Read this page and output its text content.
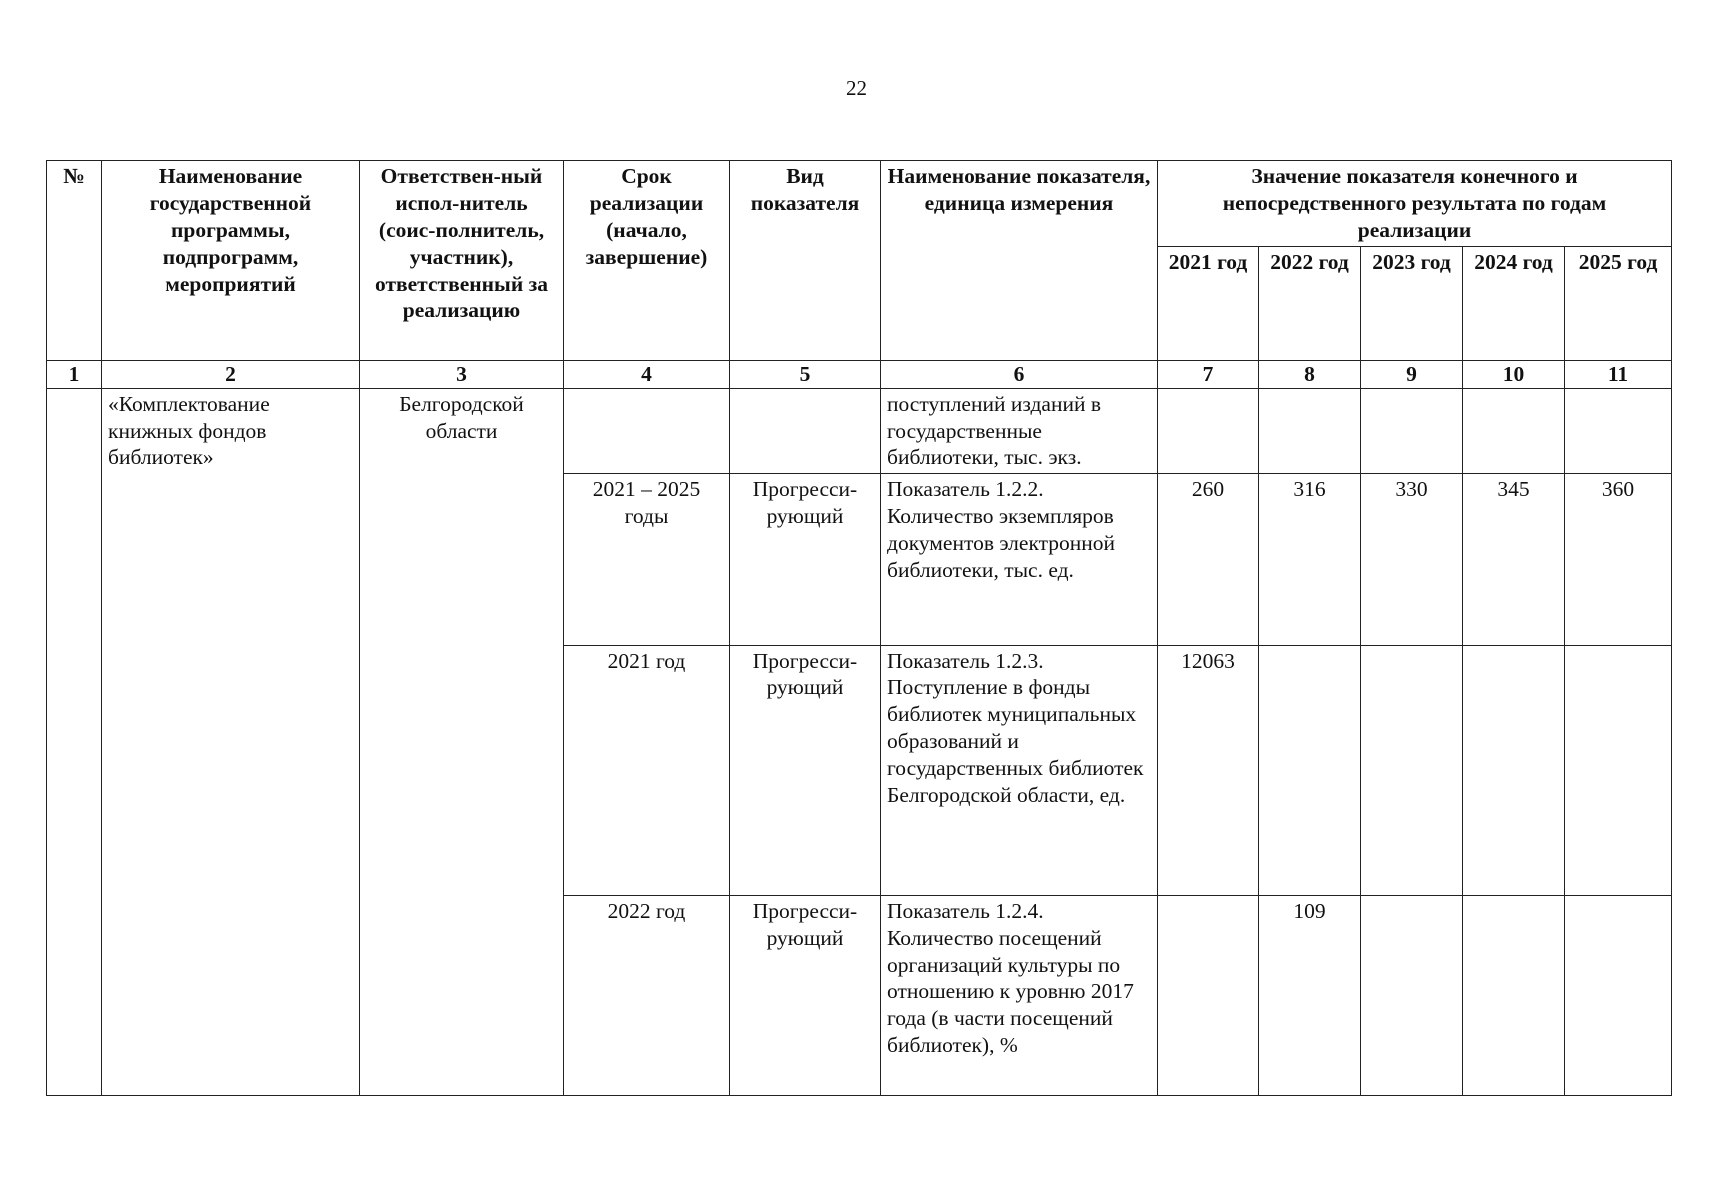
22
№	Наименование государственной программы, подпрограмм, мероприятий	Ответствен-ный испол-нитель (соис-полнитель, участник), ответственный за реализацию	Срок реализации (начало, завершение)	Вид показателя	Наименование показателя, единица измерения	Значение показателя конечного и непосредственного результата по годам реализации				
						2021 год	2022 год	2023 год	2024 год	2025 год
1	2	3	4	5	6	7	8	9	10	11
	«Комплектование книжных фондов библиотек»	Белгородской области			поступлений изданий в государственные библиотеки, тыс. экз.					
			2021 – 2025 годы	Прогресси-рующий	Показатель 1.2.2. Количество экземпляров документов электронной библиотеки, тыс. ед.	260	316	330	345	360
			2021 год	Прогресси-рующий	Показатель 1.2.3. Поступление в фонды библиотек муниципальных образований и государственных библиотек Белгородской области, ед.	12063				
			2022 год	Прогресси-рующий	Показатель 1.2.4. Количество посещений организаций культуры по отношению к уровню 2017 года (в части посещений библиотек), %		109			
